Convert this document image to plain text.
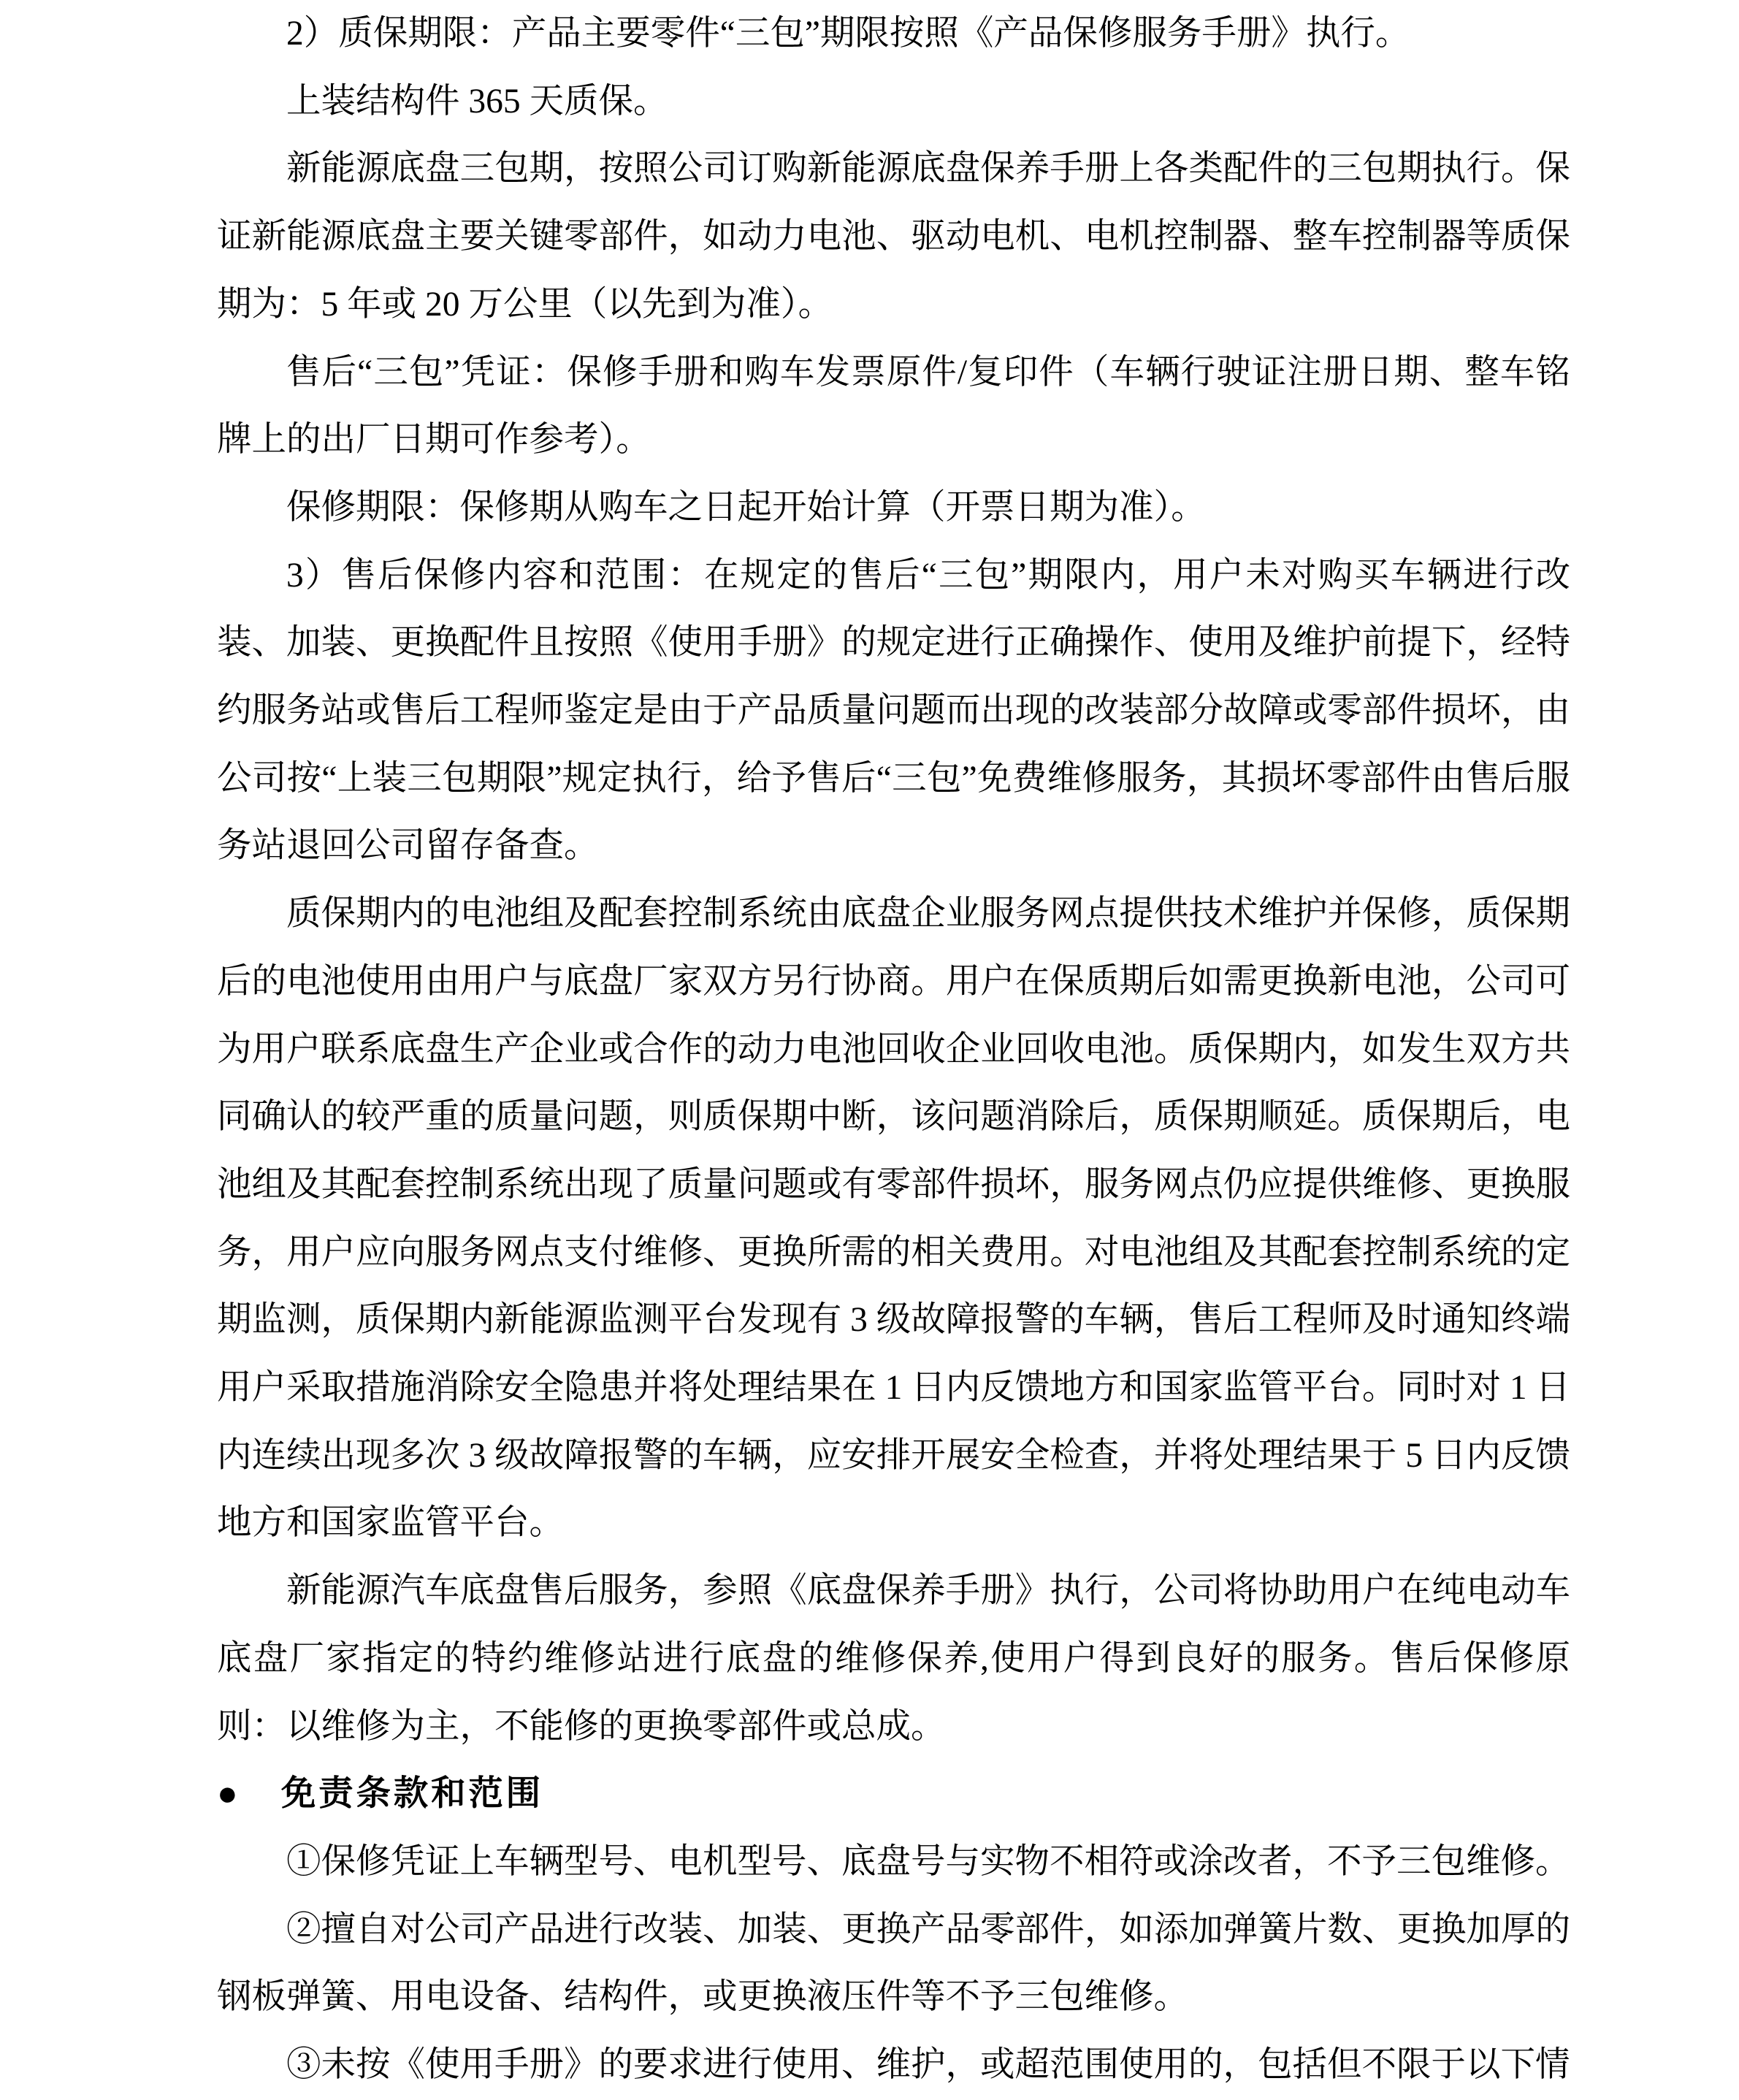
2）质保期限：产品主要零件“三包”期限按照《产品保修服务手册》执行。

上装结构件 365 天质保。

新能源底盘三包期，按照公司订购新能源底盘保养手册上各类配件的三包期执行。保证新能源底盘主要关键零部件，如动力电池、驱动电机、电机控制器、整车控制器等质保期为：5 年或 20 万公里（以先到为准）。

售后“三包”凭证：保修手册和购车发票原件/复印件（车辆行驶证注册日期、整车铭牌上的出厂日期可作参考）。

保修期限：保修期从购车之日起开始计算（开票日期为准）。

3）售后保修内容和范围：在规定的售后“三包”期限内，用户未对购买车辆进行改装、加装、更换配件且按照《使用手册》的规定进行正确操作、使用及维护前提下，经特约服务站或售后工程师鉴定是由于产品质量问题而出现的改装部分故障或零部件损坏，由公司按“上装三包期限”规定执行，给予售后“三包”免费维修服务，其损坏零部件由售后服务站退回公司留存备查。

质保期内的电池组及配套控制系统由底盘企业服务网点提供技术维护并保修，质保期后的电池使用由用户与底盘厂家双方另行协商。用户在保质期后如需更换新电池，公司可为用户联系底盘生产企业或合作的动力电池回收企业回收电池。质保期内，如发生双方共同确认的较严重的质量问题，则质保期中断，该问题消除后，质保期顺延。质保期后，电池组及其配套控制系统出现了质量问题或有零部件损坏，服务网点仍应提供维修、更换服务，用户应向服务网点支付维修、更换所需的相关费用。对电池组及其配套控制系统的定期监测，质保期内新能源监测平台发现有 3 级故障报警的车辆，售后工程师及时通知终端用户采取措施消除安全隐患并将处理结果在 1 日内反馈地方和国家监管平台。同时对 1 日内连续出现多次 3 级故障报警的车辆，应安排开展安全检查，并将处理结果于 5 日内反馈地方和国家监管平台。

新能源汽车底盘售后服务，参照《底盘保养手册》执行，公司将协助用户在纯电动车底盘厂家指定的特约维修站进行底盘的维修保养,使用户得到良好的服务。售后保修原则：以维修为主，不能修的更换零部件或总成。

● 免责条款和范围

①保修凭证上车辆型号、电机型号、底盘号与实物不相符或涂改者，不予三包维修。

②擅自对公司产品进行改装、加装、更换产品零部件，如添加弹簧片数、更换加厚的钢板弹簧、用电设备、结构件，或更换液压件等不予三包维修。

③未按《使用手册》的要求进行使用、维护，或超范围使用的，包括但不限于以下情
